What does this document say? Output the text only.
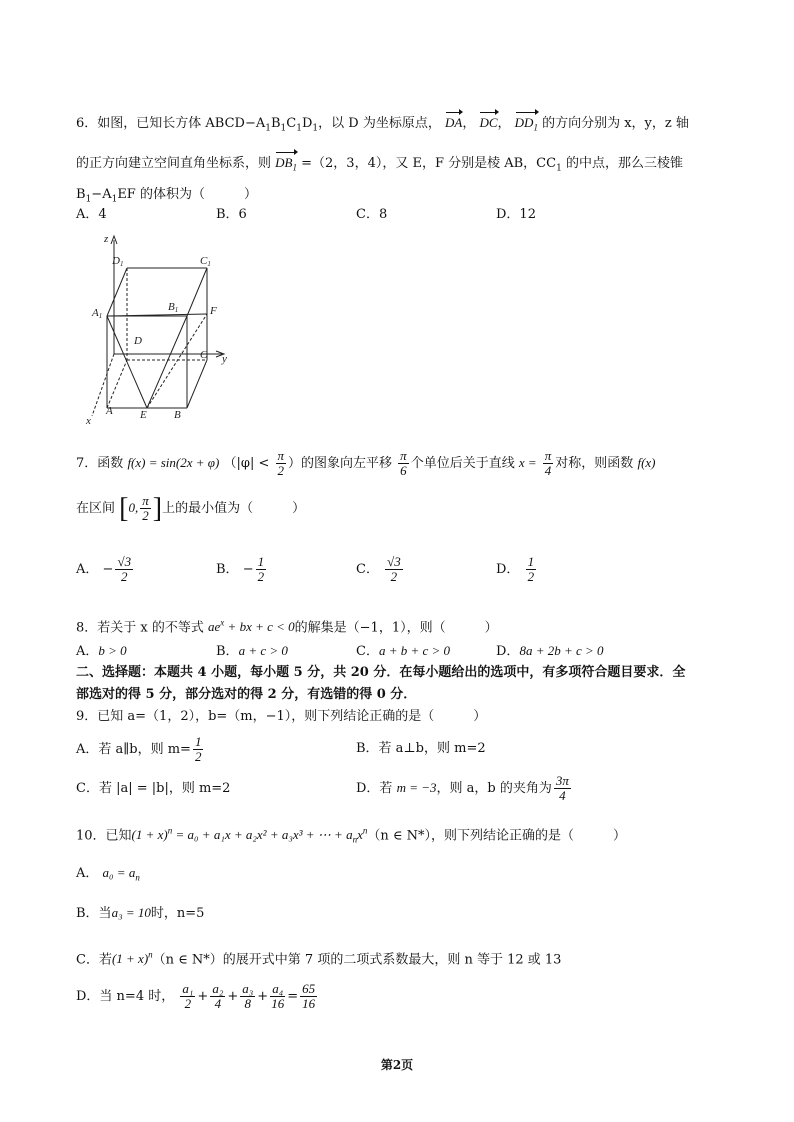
6．如图，已知长方体 $ABCD-A_1B_1C_1D_1$，以 D 为坐标原点， DA， DC， $DD_1$ 的方向分别为 x，y，z 轴
的正方向建立空间直角坐标系，则 $DB_1 =(2$，3，4），又 E，F 分别是棱 AB，$CC_1$ 的中点，那么三棱锥
$B_1-A_1EF$ 的体积为（　　　）
A．4	B．6	C．8	D．12
z
D1	C1
A1
B1	F
D
C y
x
A E B
7．函数 f(x) = sin(2x + φ) （$|\varphi| < \frac{\pi}{2}$ ）的图象向左平移 $\frac{\pi}{6}$ 个单位后关于直线 $x = \frac{\pi}{4}$ 对称，则函数 f(x)
在区间 [0, $\frac{\pi}{2}$ ]上的最小值为（　　　）
A． − $\frac{√3}{2}$	B． − $\frac{1}{2}$	C． $\frac{√3}{2}$	D． $\frac{1}{2}$
8．若关于 x 的不等式 $ae^x$ + bx + c < 0的解集是（−1，1），则（　　　）
A．b > 0	B．a + c > 0	C．a + b + c > 0	D．8a + 2b + c > 0
二、选择题：本题共 4 小题，每小题 5 分，共 20 分．在每小题给出的选项中，有多项符合题目要求．全
部选对的得 5 分，部分选对的得 2 分，有选错的得 0 分．
9．已知 a=（1，2），b=（m，−1），则下列结论正确的是（　　　）
A．若 a∥b，则 $m= \frac{1}{2}$	B．若 a⊥b，则 m=2
C．若 |a| = |b|，则 m=2	D．若 m = −3，则 a，b 的夹角为 $\frac{3\pi}{4}$
10．已知$(1 + x)^n = a_0 + a_1x + a_2x^2 + a_3x^3$ + ⋯ + $a_nx^n(n$ ∈ N*），则下列结论正确的是（　　　）
A． $a_0 = a_n$
B．当a₃ = 10时，n=5
C．若$(1 + x)^n(n$ ∈ N*）的展开式中第 7 项的二项式系数最大，则 n 等于 12 或 13
D．当 n=4 时， $\frac{\text{a₁}}{2} + \frac{\text{a₂}}{4} + \frac{\text{a₃}}{8} + \frac{\text{a₄}}{16} = \frac{65}{16}$
第2页
